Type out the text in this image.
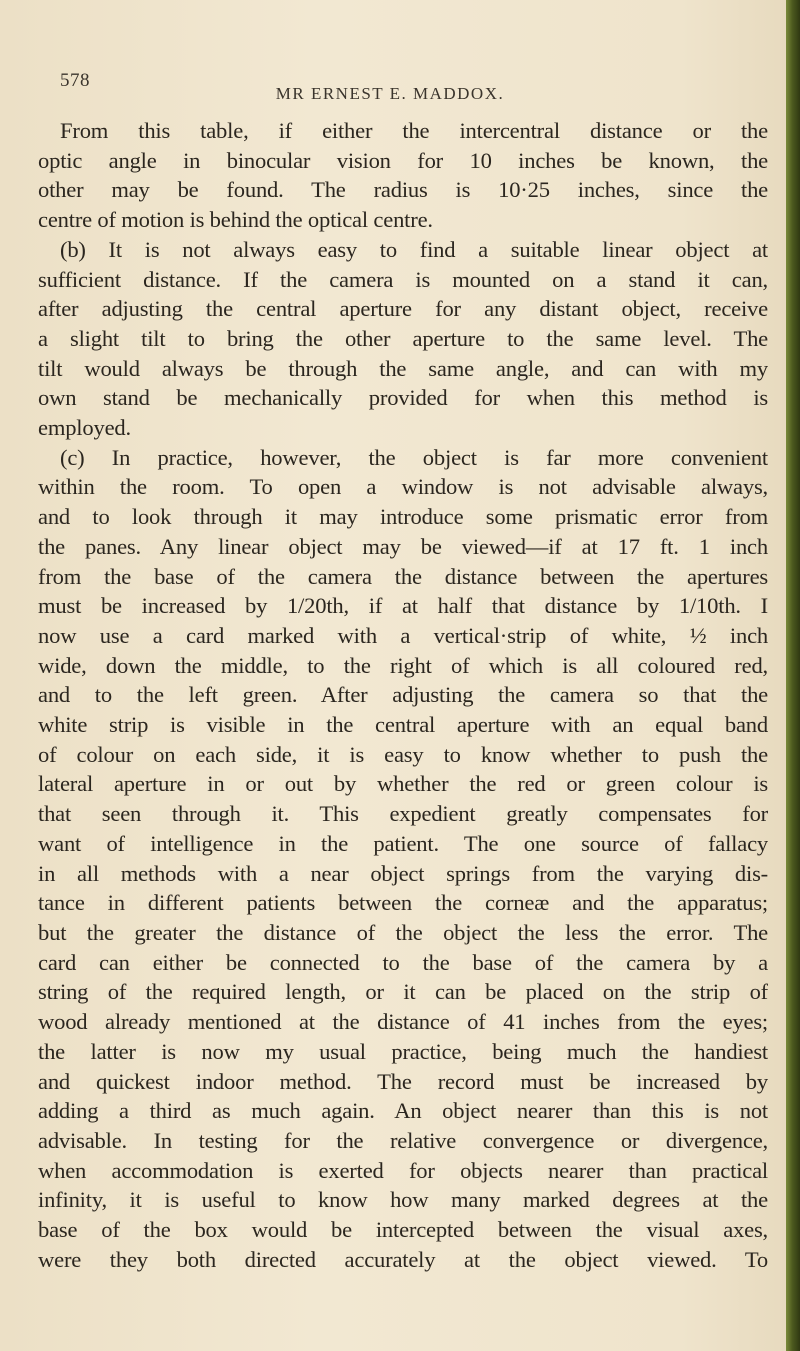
578
MR ERNEST E. MADDOX.
From this table, if either the intercentral distance or the
optic angle in binocular vision for 10 inches be known, the
other may be found. The radius is 10·25 inches, since the
centre of motion is behind the optical centre.
(b) It is not always easy to find a suitable linear object at
sufficient distance. If the camera is mounted on a stand it can,
after adjusting the central aperture for any distant object, receive
a slight tilt to bring the other aperture to the same level. The
tilt would always be through the same angle, and can with my
own stand be mechanically provided for when this method is
employed.
(c) In practice, however, the object is far more convenient
within the room. To open a window is not advisable always,
and to look through it may introduce some prismatic error from
the panes. Any linear object may be viewed—if at 17 ft. 1 inch
from the base of the camera the distance between the apertures
must be increased by 1/20th, if at half that distance by 1/10th. I
now use a card marked with a vertical·strip of white, ½ inch
wide, down the middle, to the right of which is all coloured red,
and to the left green. After adjusting the camera so that the
white strip is visible in the central aperture with an equal band
of colour on each side, it is easy to know whether to push the
lateral aperture in or out by whether the red or green colour is
that seen through it. This expedient greatly compensates for
want of intelligence in the patient. The one source of fallacy
in all methods with a near object springs from the varying dis-
tance in different patients between the corneæ and the apparatus;
but the greater the distance of the object the less the error. The
card can either be connected to the base of the camera by a
string of the required length, or it can be placed on the strip of
wood already mentioned at the distance of 41 inches from the eyes;
the latter is now my usual practice, being much the handiest
and quickest indoor method. The record must be increased by
adding a third as much again. An object nearer than this is not
advisable. In testing for the relative convergence or divergence,
when accommodation is exerted for objects nearer than practical
infinity, it is useful to know how many marked degrees at the
base of the box would be intercepted between the visual axes,
were they both directed accurately at the object viewed. To
